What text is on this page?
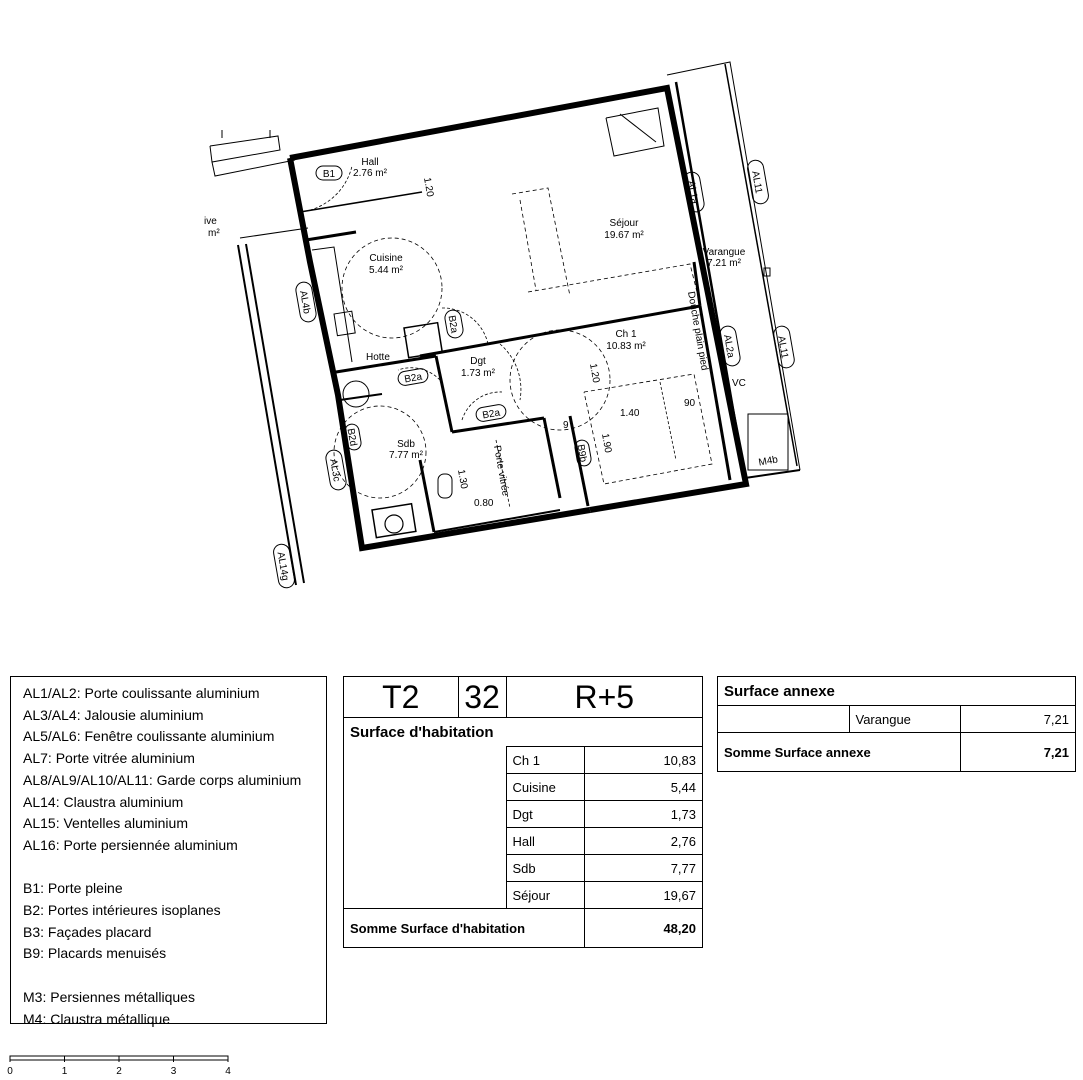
Hall
2.76 m²
Séjour
19.67 m²
Cuisine
5.44 m²
Varangue
7.21 m²
Ch 1
10.83 m²
Dgt
1.73 m²
Sdb
7.77 m²
B1
AL1a	AL11
AL4b
B2a
B2a
B2a
AL2a	AL11
B2d
B9b
AL3c
AL14g
M4b
1.20
1.20
1.40
90
1.90
1.30
0.80
9
Hotte	Douche plain pied
Porte vitrée
VC
ive
m²
AL1/AL2: Porte coulissante aluminium
AL3/AL4: Jalousie aluminium
AL5/AL6: Fenêtre coulissante aluminium
AL7: Porte vitrée aluminium
AL8/AL9/AL10/AL11: Garde corps aluminium
AL14: Claustra aluminium
AL15: Ventelles aluminium
AL16: Porte persiennée aluminium
B1: Porte pleine
B2: Portes intérieures isoplanes
B3: Façades placard
B9: Placards menuisés
M3: Persiennes métalliques
M4: Claustra métallique
T2	32	R+5	
Surface d'habitation			
		Ch 1	10,83
		Cuisine	5,44
		Dgt	1,73
		Hall	2,76
		Sdb	7,77
		Séjour	19,67
Somme Surface d'habitation			48,20
Surface annexe		
	Varangue	7,21
Somme Surface annexe		7,21
0	1	2	3	4
